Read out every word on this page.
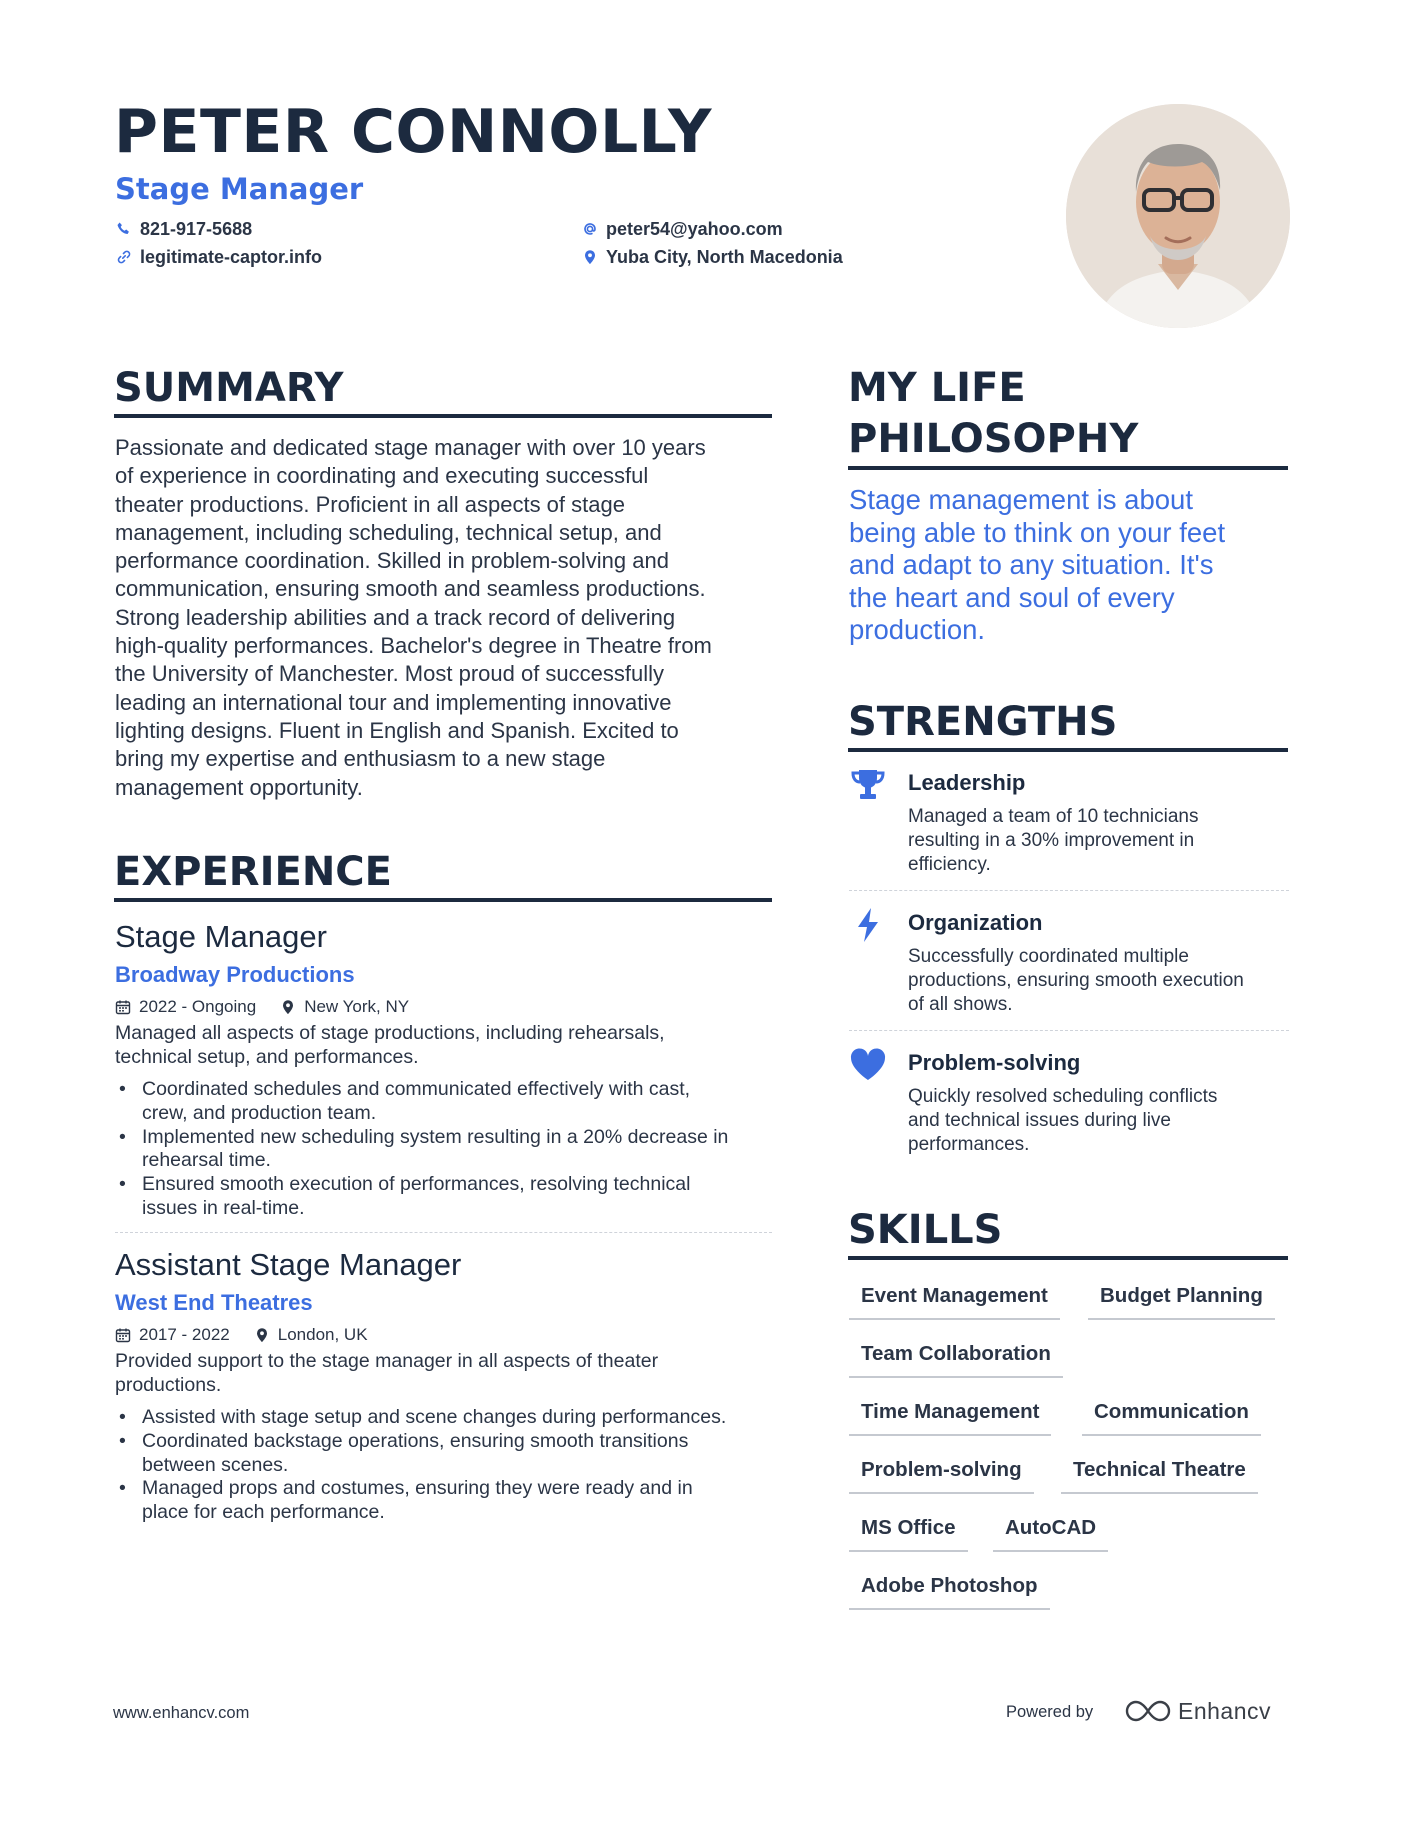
PETER CONNOLLY
Stage Manager
821-917-5688	peter54@yahoo.com
legitimate-captor.info	Yuba City, North Macedonia
SUMMARY
Passionate and dedicated stage manager with over 10 years
of experience in coordinating and executing successful
theater productions. Proficient in all aspects of stage
management, including scheduling, technical setup, and
performance coordination. Skilled in problem-solving and
communication, ensuring smooth and seamless productions.
Strong leadership abilities and a track record of delivering
high-quality performances. Bachelor's degree in Theatre from
the University of Manchester. Most proud of successfully
leading an international tour and implementing innovative
lighting designs. Fluent in English and Spanish. Excited to
bring my expertise and enthusiasm to a new stage
management opportunity.
EXPERIENCE
Stage Manager
Broadway Productions
2022 - Ongoing	New York, NY
Managed all aspects of stage productions, including rehearsals,
technical setup, and performances.
• Coordinated schedules and communicated effectively with cast,
crew, and production team.
• Implemented new scheduling system resulting in a 20% decrease in
rehearsal time.
• Ensured smooth execution of performances, resolving technical
issues in real-time.
Assistant Stage Manager
West End Theatres
2017 - 2022	London, UK
Provided support to the stage manager in all aspects of theater
productions.
• Assisted with stage setup and scene changes during performances.
• Coordinated backstage operations, ensuring smooth transitions
between scenes.
• Managed props and costumes, ensuring they were ready and in
place for each performance.
MY LIFE
PHILOSOPHY
Stage management is about
being able to think on your feet
and adapt to any situation. It's
the heart and soul of every
production.
STRENGTHS
Leadership
Managed a team of 10 technicians
resulting in a 30% improvement in
efficiency.
Organization
Successfully coordinated multiple
productions, ensuring smooth execution
of all shows.
Problem-solving
Quickly resolved scheduling conflicts
and technical issues during live
performances.
SKILLS
Event Management	Budget Planning
Team Collaboration
Time Management	Communication
Problem-solving	Technical Theatre
MS Office	AutoCAD
Adobe Photoshop
www.enhancv.com	Powered by	Enhancv
